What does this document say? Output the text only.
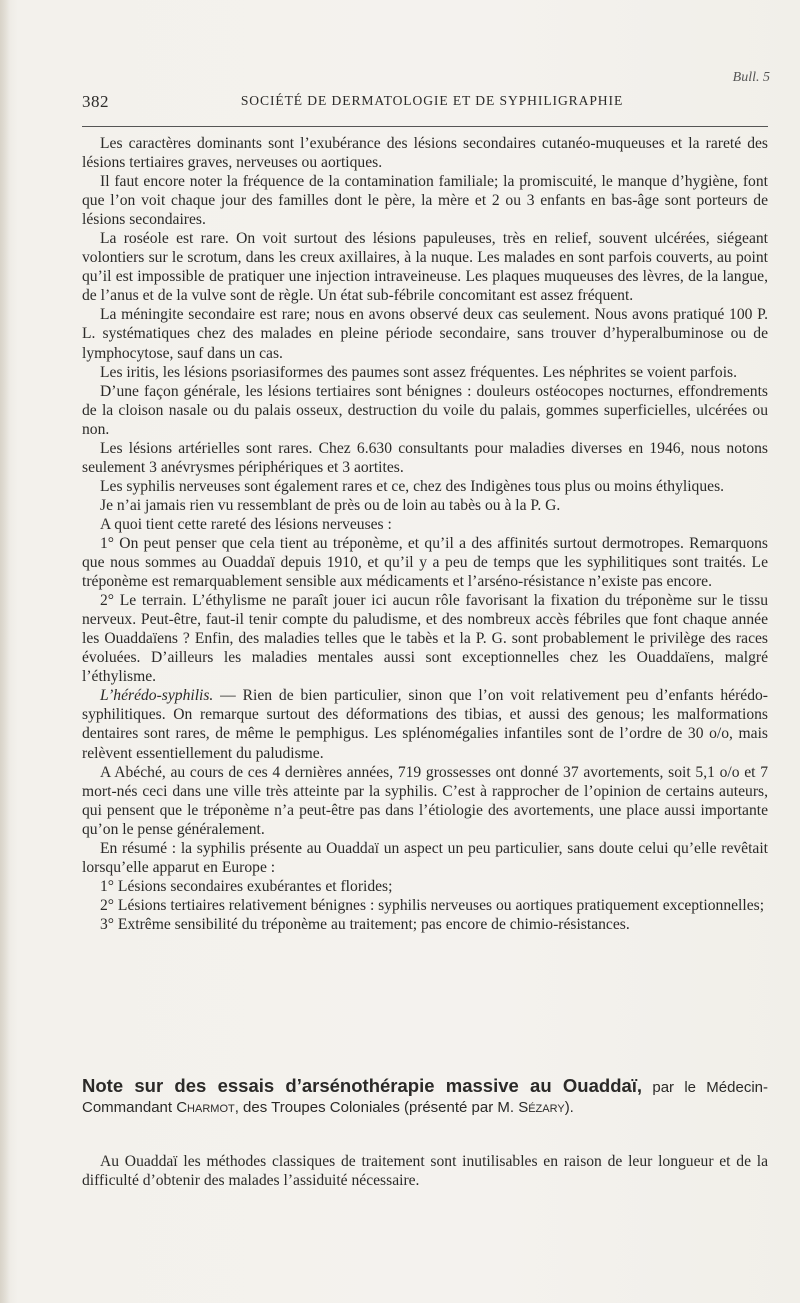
Bull. 5
382	SOCIÉTÉ DE DERMATOLOGIE ET DE SYPHILIGRAPHIE

Les caractères dominants sont l’exubérance des lésions secondaires cutanéo-muqueuses et la rareté des lésions tertiaires graves, nerveuses ou aortiques.

Il faut encore noter la fréquence de la contamination familiale; la promiscuité, le manque d’hygiène, font que l’on voit chaque jour des familles dont le père, la mère et 2 ou 3 enfants en bas-âge sont porteurs de lésions secondaires.

La roséole est rare. On voit surtout des lésions papuleuses, très en relief, souvent ulcérées, siégeant volontiers sur le scrotum, dans les creux axillaires, à la nuque. Les malades en sont parfois couverts, au point qu’il est impossible de pratiquer une injection intraveineuse. Les plaques muqueuses des lèvres, de la langue, de l’anus et de la vulve sont de règle. Un état sub-fébrile concomitant est assez fréquent.

La méningite secondaire est rare; nous en avons observé deux cas seulement. Nous avons pratiqué 100 P. L. systématiques chez des malades en pleine période secondaire, sans trouver d’hyperalbuminose ou de lymphocytose, sauf dans un cas.

Les iritis, les lésions psoriasiformes des paumes sont assez fréquentes. Les néphrites se voient parfois.

D’une façon générale, les lésions tertiaires sont bénignes : douleurs ostéocopes nocturnes, effondrements de la cloison nasale ou du palais osseux, destruction du voile du palais, gommes superficielles, ulcérées ou non.

Les lésions artérielles sont rares. Chez 6.630 consultants pour maladies diverses en 1946, nous notons seulement 3 anévrysmes périphériques et 3 aortites.

Les syphilis nerveuses sont également rares et ce, chez des Indigènes tous plus ou moins éthyliques.

Je n’ai jamais rien vu ressemblant de près ou de loin au tabès ou à la P. G.

A quoi tient cette rareté des lésions nerveuses :

1° On peut penser que cela tient au tréponème, et qu’il a des affinités surtout dermotropes. Remarquons que nous sommes au Ouaddaï depuis 1910, et qu’il y a peu de temps que les syphilitiques sont traités. Le tréponème est remarquablement sensible aux médicaments et l’arséno-résistance n’existe pas encore.

2° Le terrain. L’éthylisme ne paraît jouer ici aucun rôle favorisant la fixation du tréponème sur le tissu nerveux. Peut-être, faut-il tenir compte du paludisme, et des nombreux accès fébriles que font chaque année les Ouaddaïens ? Enfin, des maladies telles que le tabès et la P. G. sont probablement le privilège des races évoluées. D’ailleurs les maladies mentales aussi sont exceptionnelles chez les Ouaddaïens, malgré l’éthylisme.

L’hérédo-syphilis. — Rien de bien particulier, sinon que l’on voit relativement peu d’enfants hérédo-syphilitiques. On remarque surtout des déformations des tibias, et aussi des genous; les malformations dentaires sont rares, de même le pemphigus. Les splénomégalies infantiles sont de l’ordre de 30 o/o, mais relèvent essentiellement du paludisme.

A Abéché, au cours de ces 4 dernières années, 719 grossesses ont donné 37 avortements, soit 5,1 o/o et 7 mort-nés ceci dans une ville très atteinte par la syphilis. C’est à rapprocher de l’opinion de certains auteurs, qui pensent que le tréponème n’a peut-être pas dans l’étiologie des avortements, une place aussi importante qu’on le pense généralement.

En résumé : la syphilis présente au Ouaddaï un aspect un peu particulier, sans doute celui qu’elle revêtait lorsqu’elle apparut en Europe :

1° Lésions secondaires exubérantes et florides;

2° Lésions tertiaires relativement bénignes : syphilis nerveuses ou aortiques pratiquement exceptionnelles;

3° Extrême sensibilité du tréponème au traitement; pas encore de chimio-résistances.

Note sur des essais d’arsénothérapie massive au Ouaddaï, par le Médecin-Commandant Charmot, des Troupes Coloniales (présenté par M. Sézary).

Au Ouaddaï les méthodes classiques de traitement sont inutilisables en raison de leur longueur et de la difficulté d’obtenir des malades l’assiduité nécessaire.
